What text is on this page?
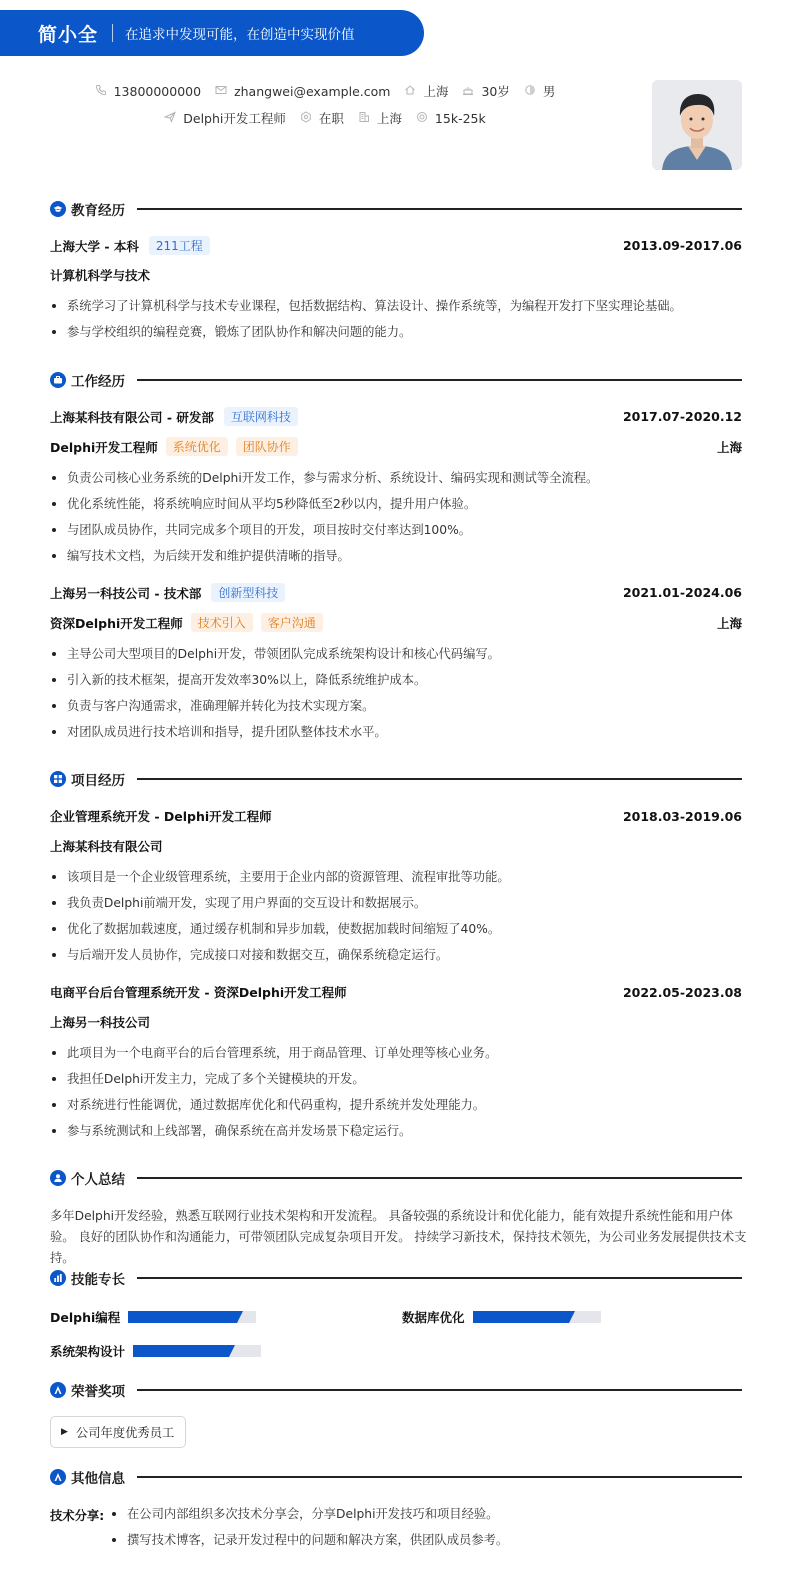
简小全 在追求中发现可能，在创造中实现价值
13800000000	zhangwei@example.com	上海	30岁	男
Delphi开发工程师	在职	上海	15k-25k
教育经历
上海大学 - 本科	211工程	2013.09-2017.06
计算机科学与技术
系统学习了计算机科学与技术专业课程，包括数据结构、算法设计、操作系统等，为编程开发打下坚实理论基础。
参与学校组织的编程竞赛，锻炼了团队协作和解决问题的能力。
工作经历
上海某科技有限公司 - 研发部	互联网科技	2017.07-2020.12
Delphi开发工程师	系统优化	团队协作	上海
负责公司核心业务系统的Delphi开发工作，参与需求分析、系统设计、编码实现和测试等全流程。
优化系统性能，将系统响应时间从平均5秒降低至2秒以内，提升用户体验。
与团队成员协作，共同完成多个项目的开发，项目按时交付率达到100%。
编写技术文档，为后续开发和维护提供清晰的指导。
上海另一科技公司 - 技术部	创新型科技	2021.01-2024.06
资深Delphi开发工程师	技术引入	客户沟通	上海
主导公司大型项目的Delphi开发，带领团队完成系统架构设计和核心代码编写。
引入新的技术框架，提高开发效率30%以上，降低系统维护成本。
负责与客户沟通需求，准确理解并转化为技术实现方案。
对团队成员进行技术培训和指导，提升团队整体技术水平。
项目经历
企业管理系统开发 - Delphi开发工程师	2018.03-2019.06
上海某科技有限公司
该项目是一个企业级管理系统，主要用于企业内部的资源管理、流程审批等功能。
我负责Delphi前端开发，实现了用户界面的交互设计和数据展示。
优化了数据加载速度，通过缓存机制和异步加载，使数据加载时间缩短了40%。
与后端开发人员协作，完成接口对接和数据交互，确保系统稳定运行。
电商平台后台管理系统开发 - 资深Delphi开发工程师	2022.05-2023.08
上海另一科技公司
此项目为一个电商平台的后台管理系统，用于商品管理、订单处理等核心业务。
我担任Delphi开发主力，完成了多个关键模块的开发。
对系统进行性能调优，通过数据库优化和代码重构，提升系统并发处理能力。
参与系统测试和上线部署，确保系统在高并发场景下稳定运行。
个人总结
多年Delphi开发经验，熟悉互联网行业技术架构和开发流程。 具备较强的系统设计和优化能力，能有效提升系统性能和用户体验。 良好的团队协作和沟通能力，可带领团队完成复杂项目开发。 持续学习新技术，保持技术领先，为公司业务发展提供技术支持。
技能专长
Delphi编程	数据库优化
系统架构设计
荣誉奖项
▶ 公司年度优秀员工
其他信息
技术分享:	在公司内部组织多次技术分享会，分享Delphi开发技巧和项目经验。
撰写技术博客，记录开发过程中的问题和解决方案，供团队成员参考。
